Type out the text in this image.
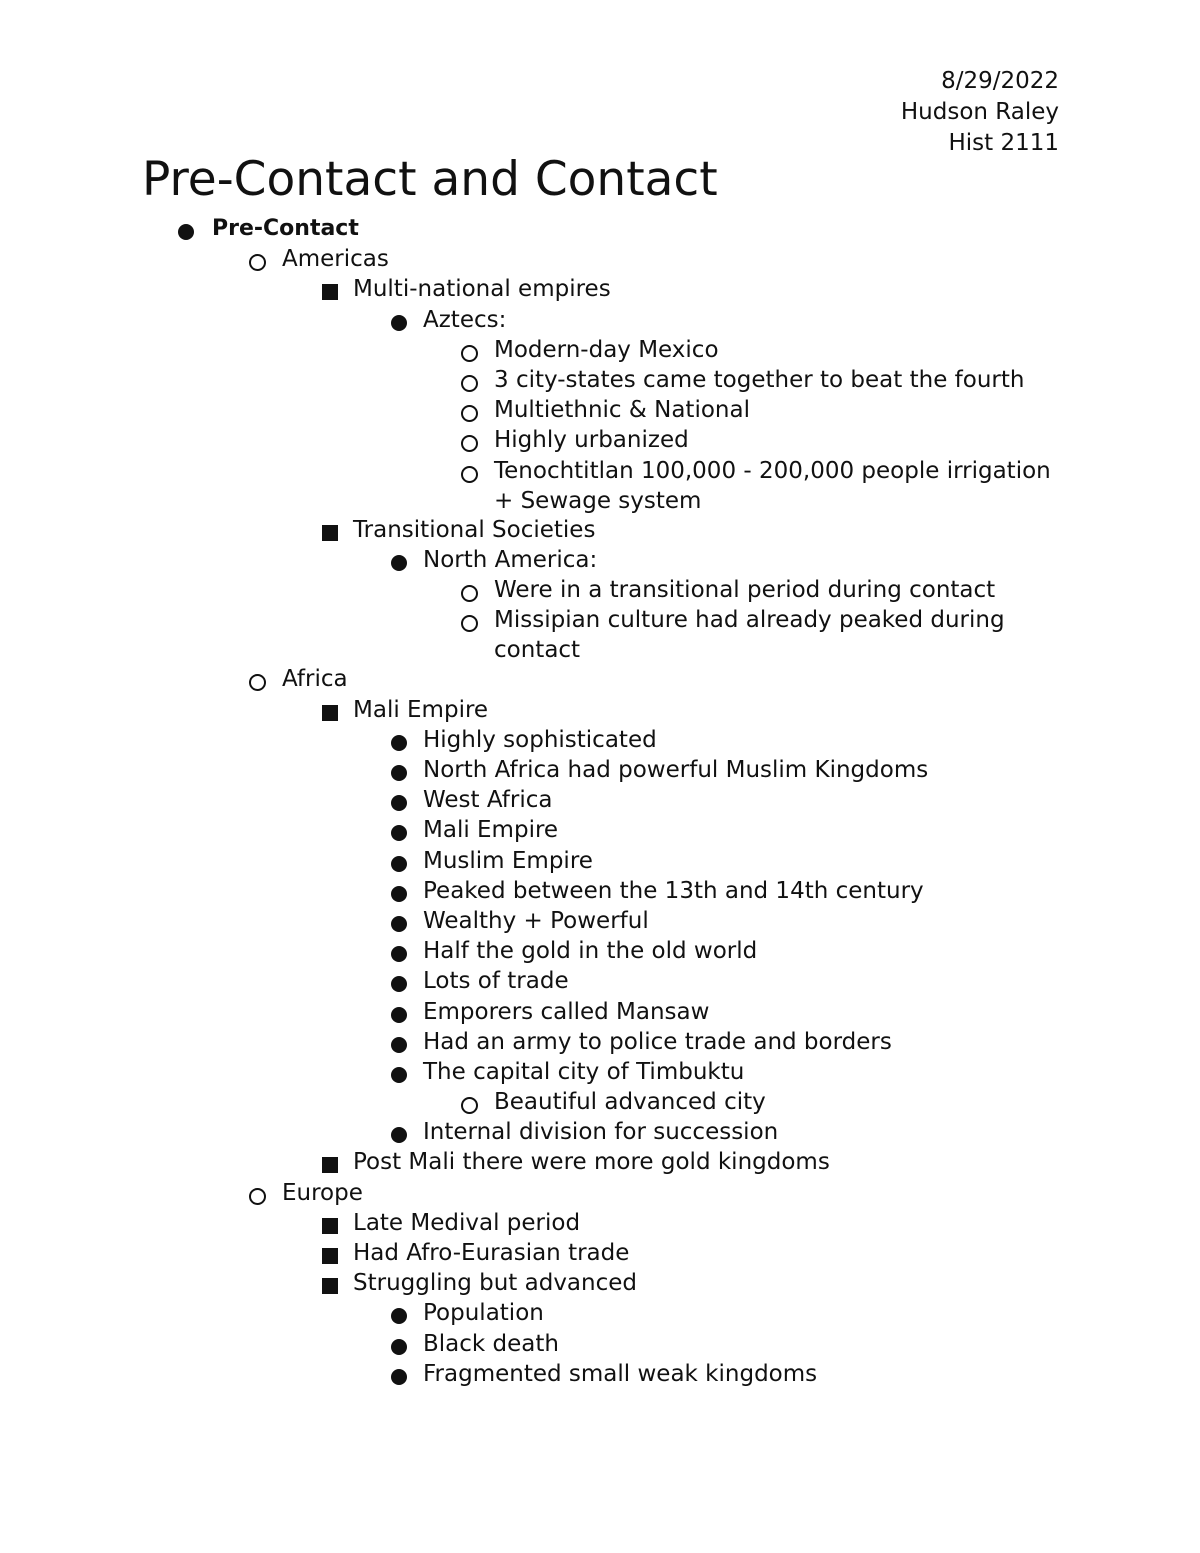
8/29/2022
Hudson Raley
Hist 2111
Pre-Contact and Contact
Pre-Contact
Americas
Multi-national empires
Aztecs:
Modern-day Mexico
3 city-states came together to beat the fourth
Multiethnic & National
Highly urbanized
Tenochtitlan 100,000 - 200,000 people irrigation
+ Sewage system
Transitional Societies
North America:
Were in a transitional period during contact
Missipian culture had already peaked during
contact
Africa
Mali Empire
Highly sophisticated
North Africa had powerful Muslim Kingdoms
West Africa
Mali Empire
Muslim Empire
Peaked between the 13th and 14th century
Wealthy + Powerful
Half the gold in the old world
Lots of trade
Emporers called Mansaw
Had an army to police trade and borders
The capital city of Timbuktu
Beautiful advanced city
Internal division for succession
Post Mali there were more gold kingdoms
Europe
Late Medival period
Had Afro-Eurasian trade
Struggling but advanced
Population
Black death
Fragmented small weak kingdoms
